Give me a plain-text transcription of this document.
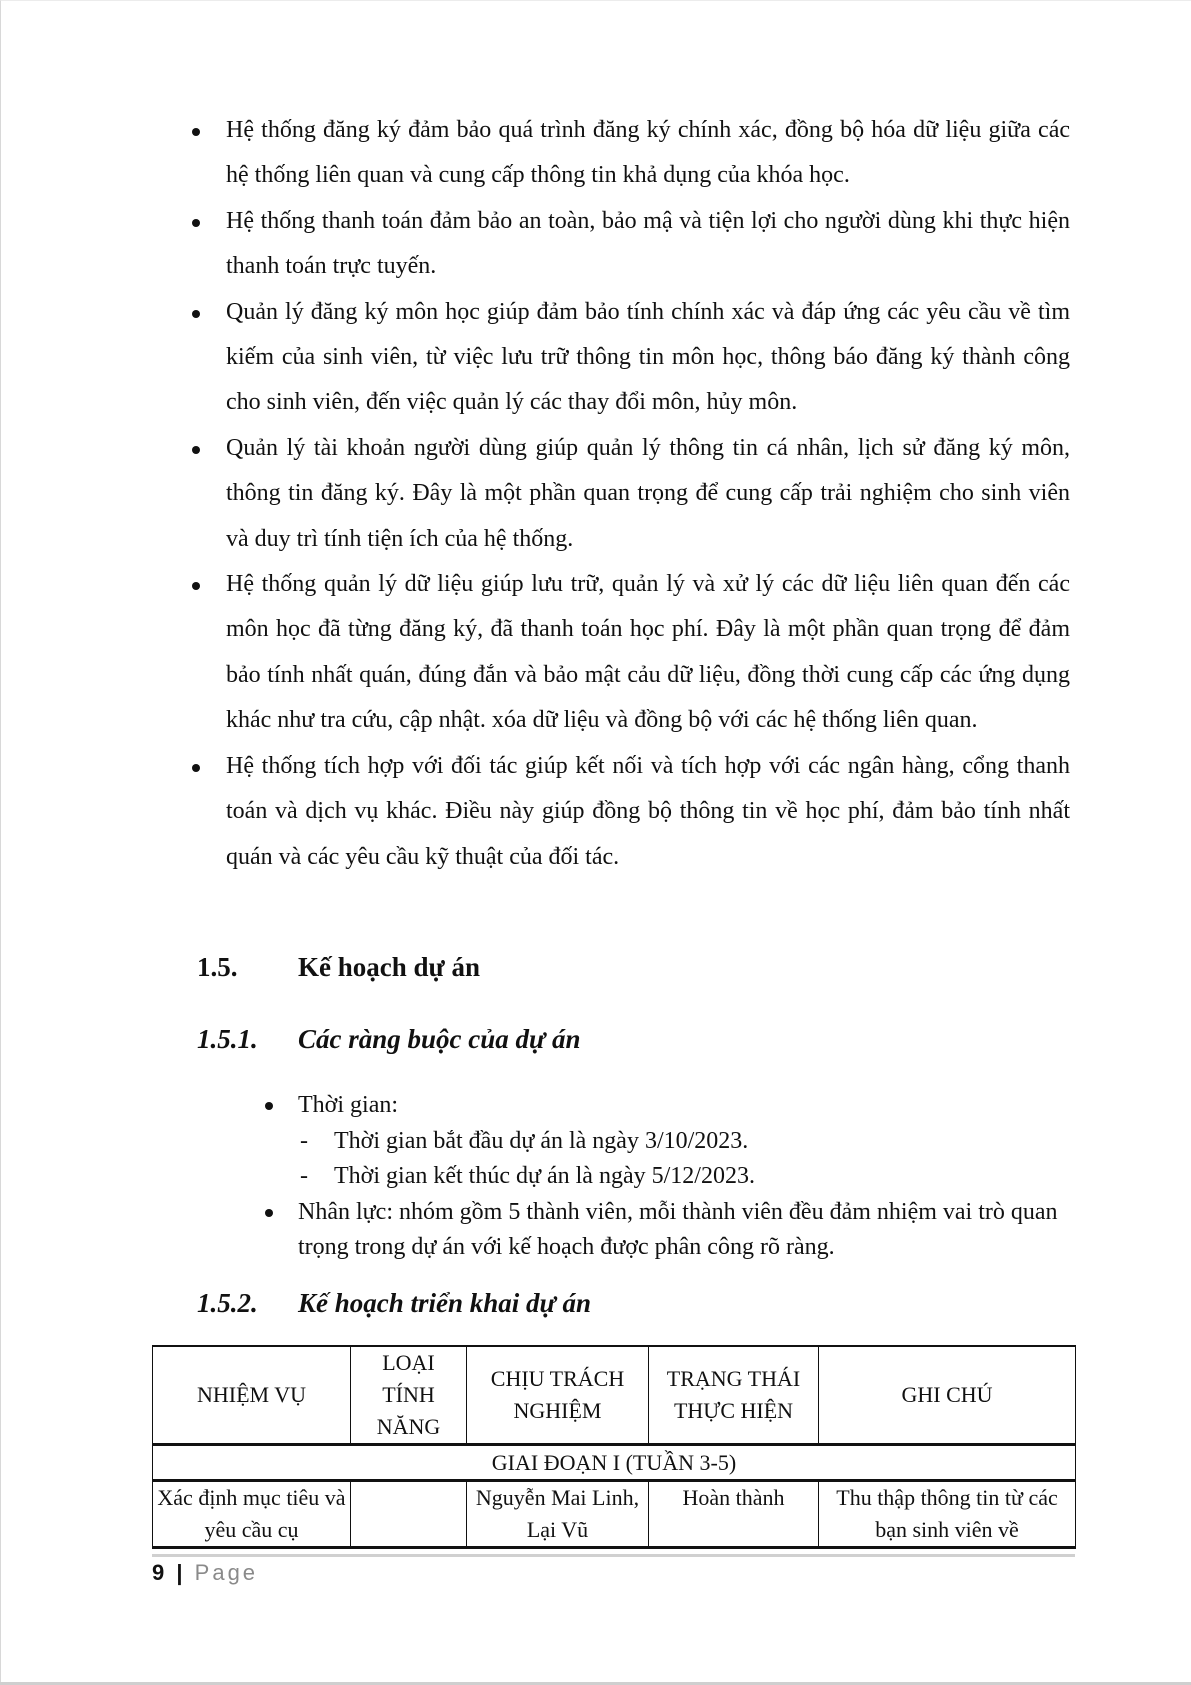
Hệ thống đăng ký đảm bảo quá trình đăng ký chính xác, đồng bộ hóa dữ liệu giữa các hệ thống liên quan và cung cấp thông tin khả dụng của khóa học.
Hệ thống thanh toán đảm bảo an toàn, bảo mậ và tiện lợi cho người dùng khi thực hiện thanh toán trực tuyến.
Quản lý đăng ký môn học giúp đảm bảo tính chính xác và đáp ứng các yêu cầu về tìm kiếm của sinh viên, từ việc lưu trữ thông tin môn học, thông báo đăng ký thành công cho sinh viên, đến việc quản lý các thay đổi môn, hủy môn.
Quản lý tài khoản người dùng giúp quản lý thông tin cá nhân, lịch sử đăng ký môn, thông tin đăng ký. Đây là một phần quan trọng để cung cấp trải nghiệm cho sinh viên và duy trì tính tiện ích của hệ thống.
Hệ thống quản lý dữ liệu giúp lưu trữ, quản lý và xử lý các dữ liệu liên quan đến các môn học đã từng đăng ký, đã thanh toán học phí. Đây là một phần quan trọng để đảm bảo tính nhất quán, đúng đắn và bảo mật cảu dữ liệu, đồng thời cung cấp các ứng dụng khác như tra cứu, cập nhật. xóa dữ liệu và đồng bộ với các hệ thống liên quan.
Hệ thống tích hợp với đối tác giúp kết nối và tích hợp với các ngân hàng, cổng thanh toán và dịch vụ khác. Điều này giúp đồng bộ thông tin về học phí, đảm bảo tính nhất quán và các yêu cầu kỹ thuật của đối tác.
1.5. Kế hoạch dự án
1.5.1. Các ràng buộc của dự án
Thời gian:
- Thời gian bắt đầu dự án là ngày 3/10/2023.
- Thời gian kết thúc dự án là ngày 5/12/2023.
Nhân lực: nhóm gồm 5 thành viên, mỗi thành viên đều đảm nhiệm vai trò quan trọng trong dự án với kế hoạch được phân công rõ ràng.
1.5.2. Kế hoạch triển khai dự án
NHIỆM VỤ	LOẠI TÍNH NĂNG	CHỊU TRÁCH NGHIỆM	TRẠNG THÁI THỰC HIỆN	GHI CHÚ
GIAI ĐOẠN I (TUẦN 3-5)				
Xác định mục tiêu và yêu cầu cụ		Nguyễn Mai Linh, Lại Vũ	Hoàn thành	Thu thập thông tin từ các bạn sinh viên về
9 | Page
